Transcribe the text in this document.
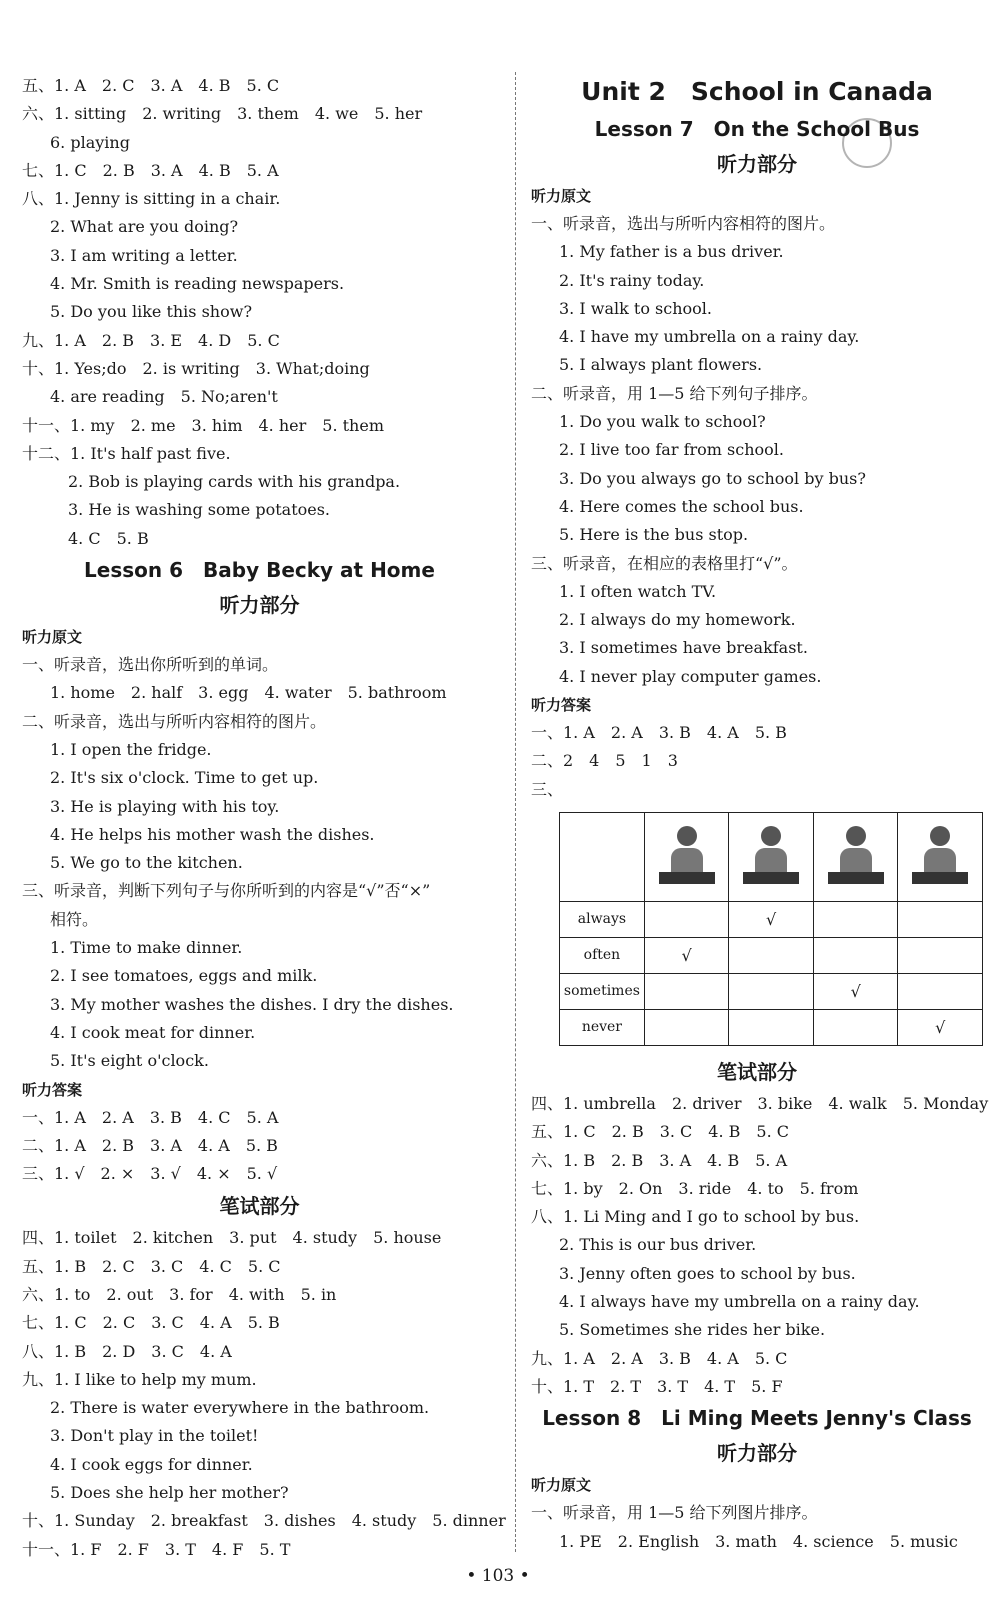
五、1. A　2. C　3. A　4. B　5. C
六、1. sitting　2. writing　3. them　4. we　5. her
6. playing
七、1. C　2. B　3. A　4. B　5. A
八、1. Jenny is sitting in a chair.
2. What are you doing?
3. I am writing a letter.
4. Mr. Smith is reading newspapers.
5. Do you like this show?
九、1. A　2. B　3. E　4. D　5. C
十、1. Yes;do　2. is writing　3. What;doing
4. are reading　5. No;aren't
十一、1. my　2. me　3. him　4. her　5. them
十二、1. It's half past five.
2. Bob is playing cards with his grandpa.
3. He is washing some potatoes.
4. C　5. B
Lesson 6　Baby Becky at Home
听力部分
听力原文
一、听录音，选出你所听到的单词。
1. home　2. half　3. egg　4. water　5. bathroom
二、听录音，选出与所听内容相符的图片。
1. I open the fridge.
2. It's six o'clock. Time to get up.
3. He is playing with his toy.
4. He helps his mother wash the dishes.
5. We go to the kitchen.
三、听录音，判断下列句子与你所听到的内容是“√”否“×”
相符。
1. Time to make dinner.
2. I see tomatoes, eggs and milk.
3. My mother washes the dishes. I dry the dishes.
4. I cook meat for dinner.
5. It's eight o'clock.
听力答案
一、1. A　2. A　3. B　4. C　5. A
二、1. A　2. B　3. A　4. A　5. B
三、1. √　2. ×　3. √　4. ×　5. √
笔试部分
四、1. toilet　2. kitchen　3. put　4. study　5. house
五、1. B　2. C　3. C　4. C　5. C
六、1. to　2. out　3. for　4. with　5. in
七、1. C　2. C　3. C　4. A　5. B
八、1. B　2. D　3. C　4. A
九、1. I like to help my mum.
2. There is water everywhere in the bathroom.
3. Don't play in the toilet!
4. I cook eggs for dinner.
5. Does she help her mother?
十、1. Sunday　2. breakfast　3. dishes　4. study　5. dinner
十一、1. F　2. F　3. T　4. F　5. T
Unit 2　School in Canada
Lesson 7　On the School Bus
听力部分
听力原文
一、听录音，选出与所听内容相符的图片。
1. My father is a bus driver.
2. It's rainy today.
3. I walk to school.
4. I have my umbrella on a rainy day.
5. I always plant flowers.
二、听录音，用 1—5 给下列句子排序。
1. Do you walk to school?
2. I live too far from school.
3. Do you always go to school by bus?
4. Here comes the school bus.
5. Here is the bus stop.
三、听录音，在相应的表格里打“√”。
1. I often watch TV.
2. I always do my homework.
3. I sometimes have breakfast.
4. I never play computer games.
听力答案
一、1. A　2. A　3. B　4. A　5. B
二、2　4　5　1　3
三、

always		√		
often	√			
sometimes			√	
never				√
笔试部分
四、1. umbrella　2. driver　3. bike　4. walk　5. Monday
五、1. C　2. B　3. C　4. B　5. C
六、1. B　2. B　3. A　4. B　5. A
七、1. by　2. On　3. ride　4. to　5. from
八、1. Li Ming and I go to school by bus.
2. This is our bus driver.
3. Jenny often goes to school by bus.
4. I always have my umbrella on a rainy day.
5. Sometimes she rides her bike.
九、1. A　2. A　3. B　4. A　5. C
十、1. T　2. T　3. T　4. T　5. F
Lesson 8　Li Ming Meets Jenny's Class
听力部分
听力原文
一、听录音，用 1—5 给下列图片排序。
1. PE　2. English　3. math　4. science　5. music
• 103 •
